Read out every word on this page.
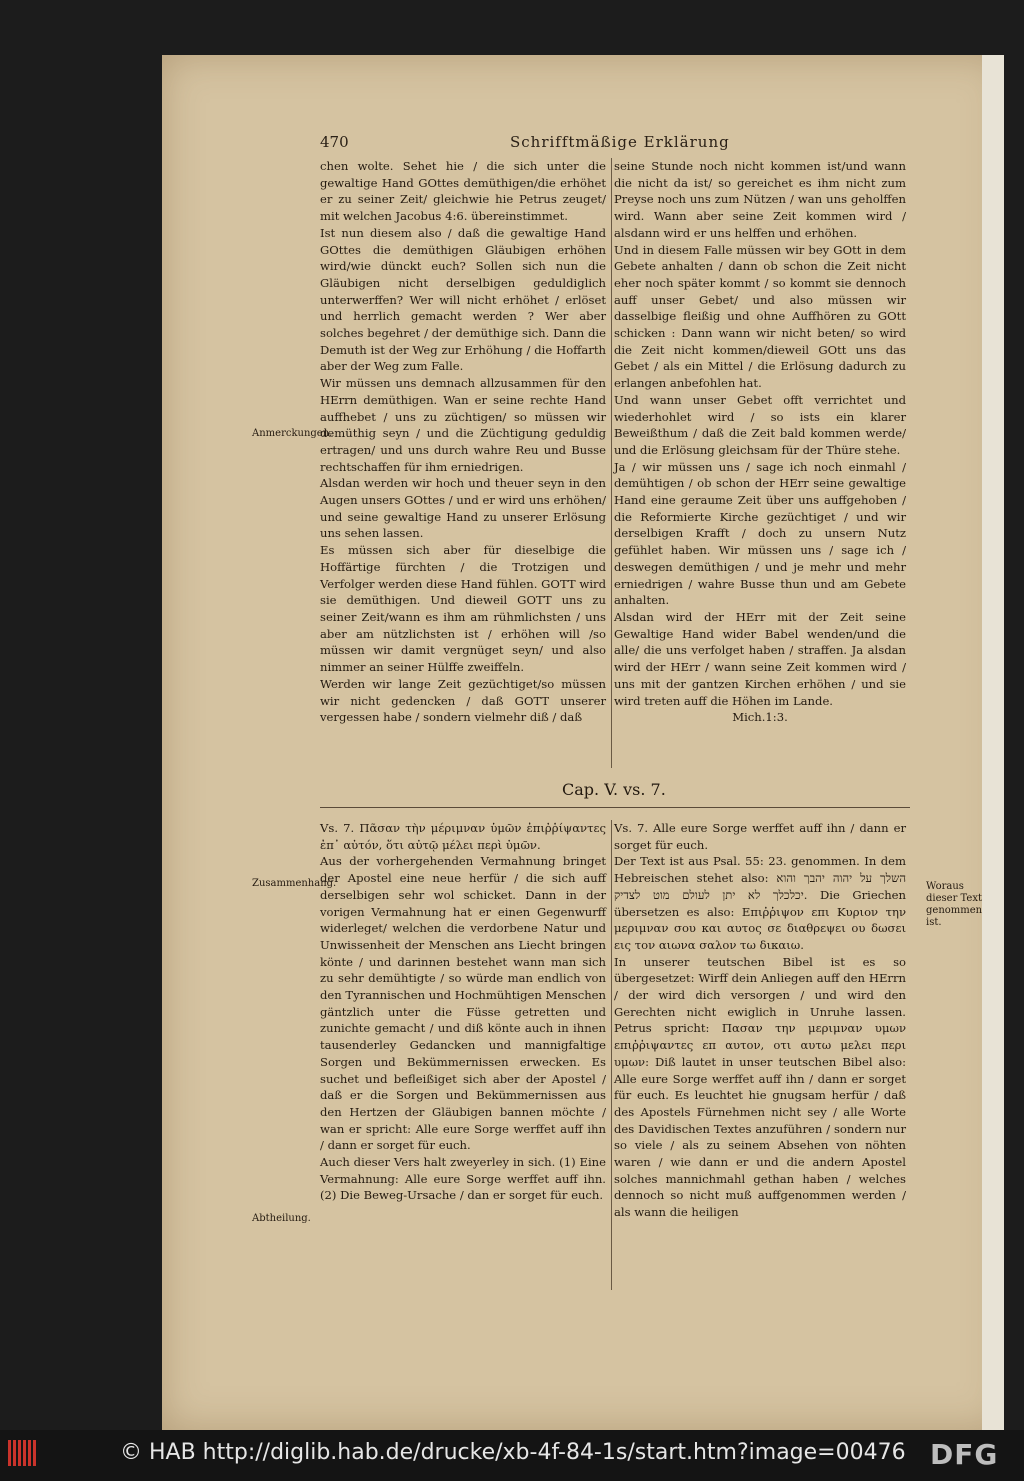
470	Schrifftmäßige Erklärung
Anmerckungen.
Zusammenhang.
Abtheilung.
Woraus dieser Text genommen ist.

chen wolte. Sehet hie / die sich unter die gewaltige Hand GOttes demüthigen/die erhöhet er zu seiner Zeit/ gleichwie hie Petrus zeuget/ mit welchen Jacobus 4:6. übereinstimmet.

Ist nun diesem also / daß die gewaltige Hand GOttes die demüthigen Gläubigen erhöhen wird/wie dünckt euch? Sollen sich nun die Gläubigen nicht derselbigen geduldiglich unterwerffen? Wer will nicht erhöhet / erlöset und herrlich gemacht werden ? Wer aber solches begehret / der demüthige sich. Dann die Demuth ist der Weg zur Erhöhung / die Hoffarth aber der Weg zum Falle.

Wir müssen uns demnach allzusammen für den HErrn demüthigen. Wan er seine rechte Hand auffhebet / uns zu züchtigen/ so müssen wir demüthig seyn / und die Züchtigung geduldig ertragen/ und uns durch wahre Reu und Busse rechtschaffen für ihm erniedrigen.

Alsdan werden wir hoch und theuer seyn in den Augen unsers GOttes / und er wird uns erhöhen/ und seine gewaltige Hand zu unserer Erlösung uns sehen lassen.

Es müssen sich aber für dieselbige die Hoffärtige fürchten / die Trotzigen und Verfolger werden diese Hand fühlen. GOTT wird sie demüthigen. Und dieweil GOTT uns zu seiner Zeit/wann es ihm am rühmlichsten / uns aber am nützlichsten ist / erhöhen will /so müssen wir damit vergnüget seyn/ und also nimmer an seiner Hülffe zweiffeln.

Werden wir lange Zeit gezüchtiget/so müssen wir nicht gedencken / daß GOTT unserer vergessen habe / sondern vielmehr diß / daß

seine Stunde noch nicht kommen ist/und wann die nicht da ist/ so gereichet es ihm nicht zum Preyse noch uns zum Nützen / wan uns geholffen wird. Wann aber seine Zeit kommen wird / alsdann wird er uns helffen und erhöhen.

Und in diesem Falle müssen wir bey GOtt in dem Gebete anhalten / dann ob schon die Zeit nicht eher noch später kommt / so kommt sie dennoch auff unser Gebet/ und also müssen wir dasselbige fleißig und ohne Auffhören zu GOtt schicken : Dann wann wir nicht beten/ so wird die Zeit nicht kommen/dieweil GOtt uns das Gebet / als ein Mittel / die Erlösung dadurch zu erlangen anbefohlen hat.

Und wann unser Gebet offt verrichtet und wiederhohlet wird / so ists ein klarer Beweißthum / daß die Zeit bald kommen werde/ und die Erlösung gleichsam für der Thüre stehe.

Ja / wir müssen uns / sage ich noch einmahl / demühtigen / ob schon der HErr seine gewaltige Hand eine geraume Zeit über uns auffgehoben / die Reformierte Kirche gezüchtiget / und wir derselbigen Krafft / doch zu unsern Nutz gefühlet haben. Wir müssen uns / sage ich / deswegen demüthigen / und je mehr und mehr erniedrigen / wahre Busse thun und am Gebete anhalten.

Alsdan wird der HErr mit der Zeit seine Gewaltige Hand wider Babel wenden/und die alle/ die uns verfolget haben / straffen. Ja alsdan wird der HErr / wann seine Zeit kommen wird / uns mit der gantzen Kirchen erhöhen / und sie wird treten auff die Höhen im Lande.

Mich.1:3.

Cap. V. vs. 7.

Vs. 7. Πᾶσαν τὴν μέριμναν ὑμῶν ἐπιῤῥίψαντες ἐπ᾽ αὐτόν, ὅτι αὐτῷ μέλει περὶ ὑμῶν.

Aus der vorhergehenden Vermahnung bringet der Apostel eine neue herfür / die sich auff derselbigen sehr wol schicket. Dann in der vorigen Vermahnung hat er einen Gegenwurff widerleget/ welchen die verdorbene Natur und Unwissenheit der Menschen ans Liecht bringen könte / und darinnen bestehet wann man sich zu sehr demühtigte / so würde man endlich von den Tyrannischen und Hochmühtigen Menschen gäntzlich unter die Füsse getretten und zunichte gemacht / und diß könte auch in ihnen tausenderley Gedancken und mannigfaltige Sorgen und Bekümmernissen erwecken. Es suchet und befleißiget sich aber der Apostel / daß er die Sorgen und Bekümmernissen aus den Hertzen der Gläubigen bannen möchte / wan er spricht: Alle eure Sorge werffet auff ihn / dann er sorget für euch.

Auch dieser Vers halt zweyerley in sich. (1) Eine Vermahnung: Alle eure Sorge werffet auff ihn. (2) Die Beweg-Ursache / dan er sorget für euch.

Vs. 7. Alle eure Sorge werffet auff ihn / dann er sorget für euch.

Der Text ist aus Psal. 55: 23. genommen. In dem Hebreischen stehet also: השלך על יהוה יהבך והוא יכלכלך לא יתן לעולם מוט לצדיק. Die Griechen übersetzen es also: Επιῤῥιψον επι Κυριον την μεριμναν σου και αυτος σε διαθρεψει ου δωσει εις τον αιωνα σαλον τω δικαιω.

In unserer teutschen Bibel ist es so übergesetzet: Wirff dein Anliegen auff den HErrn / der wird dich versorgen / und wird den Gerechten nicht ewiglich in Unruhe lassen. Petrus spricht: Πασαν την μεριμναν υμων επιῤῥιψαντες επ αυτον, οτι αυτω μελει περι υμων: Diß lautet in unser teutschen Bibel also: Alle eure Sorge werffet auff ihn / dann er sorget für euch. Es leuchtet hie gnugsam herfür / daß des Apostels Fürnehmen nicht sey / alle Worte des Davidischen Textes anzuführen / sondern nur so viele / als zu seinem Absehen von nöhten waren / wie dann er und die andern Apostel solches mannichmahl gethan haben / welches dennoch so nicht muß auffgenommen werden / als wann die heiligen

© HAB http://diglib.hab.de/drucke/xb-4f-84-1s/start.htm?image=00476 DFG
